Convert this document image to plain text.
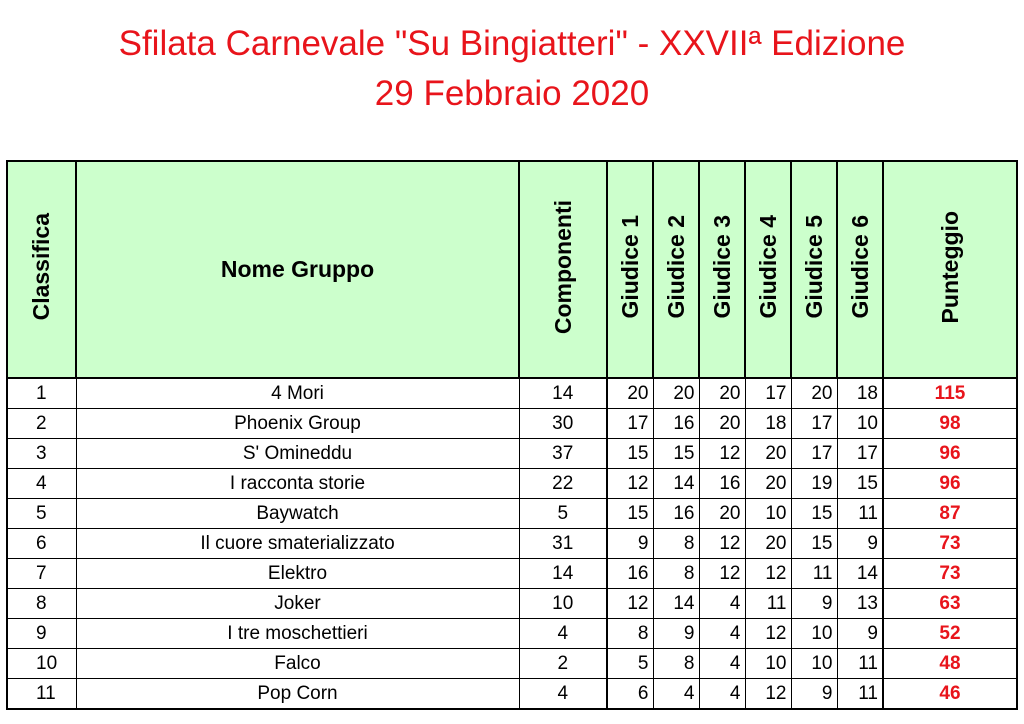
Sfilata Carnevale "Su Bingiatteri" - XXVIIª Edizione
29 Febbraio 2020
Classifica	Nome Gruppo	Componenti	Giudice 1	Giudice 2	Giudice 3	Giudice 4	Giudice 5	Giudice 6	Punteggio
1	4 Mori	14	20	20	20	17	20	18	115
2	Phoenix Group	30	17	16	20	18	17	10	98
3	S' Omineddu	37	15	15	12	20	17	17	96
4	I racconta storie	22	12	14	16	20	19	15	96
5	Baywatch	5	15	16	20	10	15	11	87
6	Il cuore smaterializzato	31	9	8	12	20	15	9	73
7	Elektro	14	16	8	12	12	11	14	73
8	Joker	10	12	14	4	11	9	13	63
9	I tre moschettieri	4	8	9	4	12	10	9	52
10	Falco	2	5	8	4	10	10	11	48
11	Pop Corn	4	6	4	4	12	9	11	46
